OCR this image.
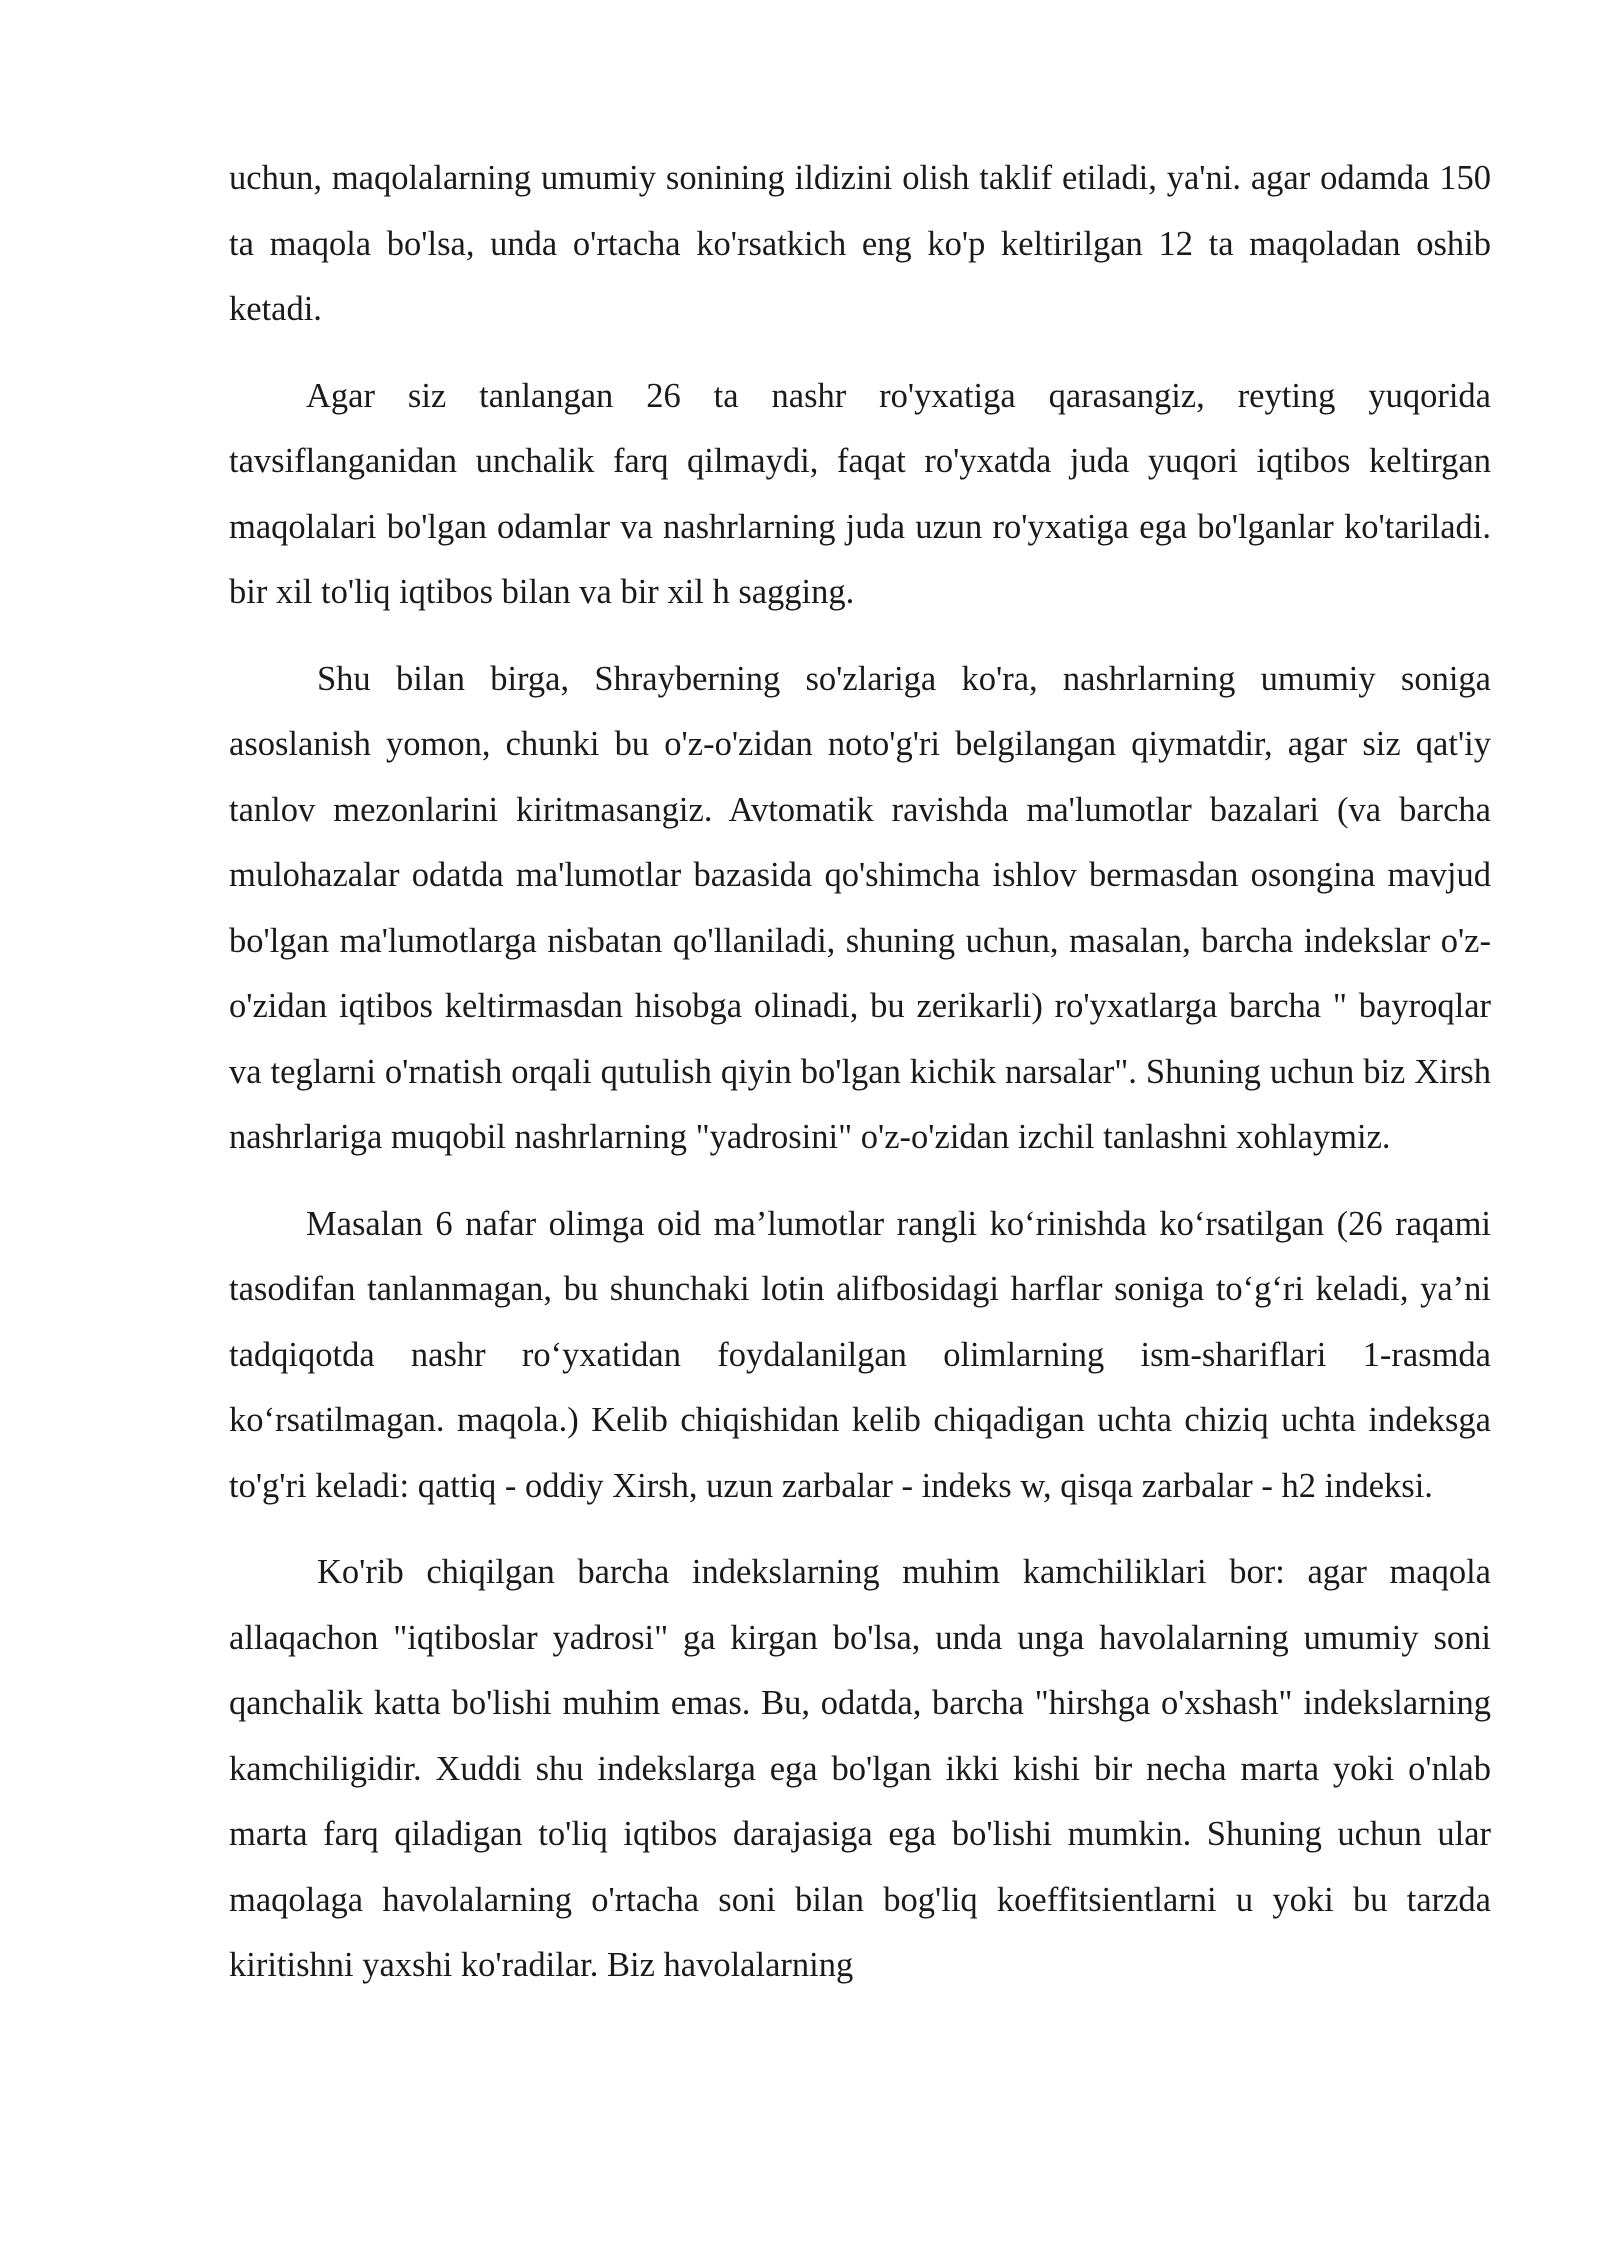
uchun, maqolalarning umumiy sonining ildizini olish taklif etiladi, ya'ni. agar odamda 150 ta maqola bo'lsa, unda o'rtacha ko'rsatkich eng ko'p keltirilgan 12 ta maqoladan oshib ketadi.

Agar siz tanlangan 26 ta nashr ro'yxatiga qarasangiz, reyting yuqorida tavsiflanganidan unchalik farq qilmaydi, faqat ro'yxatda juda yuqori iqtibos keltirgan maqolalari bo'lgan odamlar va nashrlarning juda uzun ro'yxatiga ega bo'lganlar ko'tariladi. bir xil to'liq iqtibos bilan va bir xil h sagging.

Shu bilan birga, Shrayberning so'zlariga ko'ra, nashrlarning umumiy soniga asoslanish yomon, chunki bu o'z-o'zidan noto'g'ri belgilangan qiymatdir, agar siz qat'iy tanlov mezonlarini kiritmasangiz. Avtomatik ravishda ma'lumotlar bazalari (va barcha mulohazalar odatda ma'lumotlar bazasida qo'shimcha ishlov bermasdan osongina mavjud bo'lgan ma'lumotlarga nisbatan qo'llaniladi, shuning uchun, masalan, barcha indekslar o'z-o'zidan iqtibos keltirmasdan hisobga olinadi, bu zerikarli) ro'yxatlarga barcha " bayroqlar va teglarni o'rnatish orqali qutulish qiyin bo'lgan kichik narsalar". Shuning uchun biz Xirsh nashrlariga muqobil nashrlarning "yadrosini" o'z-o'zidan izchil tanlashni xohlaymiz.

Masalan 6 nafar olimga oid ma’lumotlar rangli ko‘rinishda ko‘rsatilgan (26 raqami tasodifan tanlanmagan, bu shunchaki lotin alifbosidagi harflar soniga to‘g‘ri keladi, ya’ni tadqiqotda nashr ro‘yxatidan foydalanilgan olimlarning ism-shariflari 1-rasmda ko‘rsatilmagan. maqola.) Kelib chiqishidan kelib chiqadigan uchta chiziq uchta indeksga to'g'ri keladi: qattiq - oddiy Xirsh, uzun zarbalar - indeks w, qisqa zarbalar - h2 indeksi.

Ko'rib chiqilgan barcha indekslarning muhim kamchiliklari bor: agar maqola allaqachon "iqtiboslar yadrosi" ga kirgan bo'lsa, unda unga havolalarning umumiy soni qanchalik katta bo'lishi muhim emas. Bu, odatda, barcha "hirshga o'xshash" indekslarning kamchiligidir. Xuddi shu indekslarga ega bo'lgan ikki kishi bir necha marta yoki o'nlab marta farq qiladigan to'liq iqtibos darajasiga ega bo'lishi mumkin. Shuning uchun ular maqolaga havolalarning o'rtacha soni bilan bog'liq koeffitsientlarni u yoki bu tarzda kiritishni yaxshi ko'radilar. Biz havolalarning
